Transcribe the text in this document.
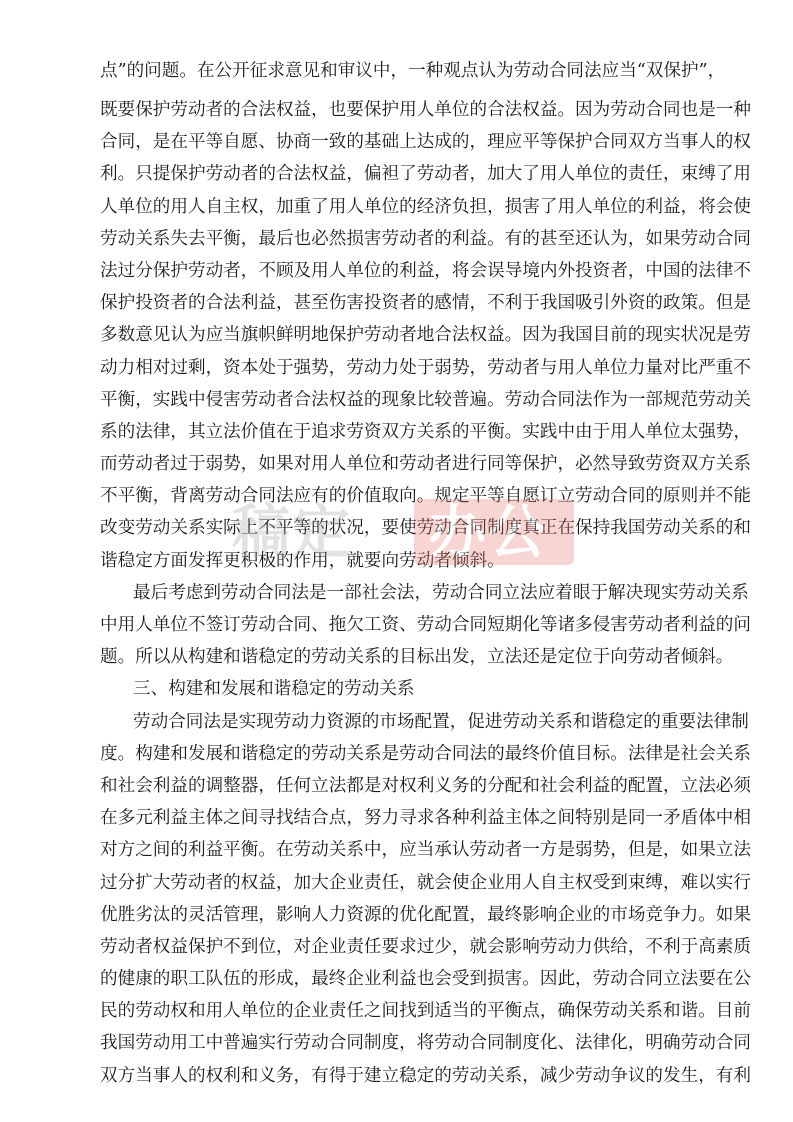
点”的问题。在公开征求意见和审议中，一种观点认为劳动合同法应当“双保护”，
既要保护劳动者的合法权益，也要保护用人单位的合法权益。因为劳动合同也是一种
合同，是在平等自愿、协商一致的基础上达成的，理应平等保护合同双方当事人的权
利。只提保护劳动者的合法权益，偏袒了劳动者，加大了用人单位的责任，束缚了用
人单位的用人自主权，加重了用人单位的经济负担，损害了用人单位的利益，将会使
劳动关系失去平衡，最后也必然损害劳动者的利益。有的甚至还认为，如果劳动合同
法过分保护劳动者，不顾及用人单位的利益，将会误导境内外投资者，中国的法律不
保护投资者的合法利益，甚至伤害投资者的感情，不利于我国吸引外资的政策。但是
多数意见认为应当旗帜鲜明地保护劳动者地合法权益。因为我国目前的现实状况是劳
动力相对过剩，资本处于强势，劳动力处于弱势，劳动者与用人单位力量对比严重不
平衡，实践中侵害劳动者合法权益的现象比较普遍。劳动合同法作为一部规范劳动关
系的法律，其立法价值在于追求劳资双方关系的平衡。实践中由于用人单位太强势，
而劳动者过于弱势，如果对用人单位和劳动者进行同等保护，必然导致劳资双方关系
不平衡，背离劳动合同法应有的价值取向。规定平等自愿订立劳动合同的原则并不能
改变劳动关系实际上不平等的状况，要使劳动合同制度真正在保持我国劳动关系的和
谐稳定方面发挥更积极的作用，就要向劳动者倾斜。
最后考虑到劳动合同法是一部社会法，劳动合同立法应着眼于解决现实劳动关系
中用人单位不签订劳动合同、拖欠工资、劳动合同短期化等诸多侵害劳动者利益的问
题。所以从构建和谐稳定的劳动关系的目标出发，立法还是定位于向劳动者倾斜。
三、构建和发展和谐稳定的劳动关系
劳动合同法是实现劳动力资源的市场配置，促进劳动关系和谐稳定的重要法律制
度。构建和发展和谐稳定的劳动关系是劳动合同法的最终价值目标。法律是社会关系
和社会利益的调整器，任何立法都是对权利义务的分配和社会利益的配置，立法必须
在多元利益主体之间寻找结合点，努力寻求各种利益主体之间特别是同一矛盾体中相
对方之间的利益平衡。在劳动关系中，应当承认劳动者一方是弱势，但是，如果立法
过分扩大劳动者的权益，加大企业责任，就会使企业用人自主权受到束缚，难以实行
优胜劣汰的灵活管理，影响人力资源的优化配置，最终影响企业的市场竞争力。如果
劳动者权益保护不到位，对企业责任要求过少，就会影响劳动力供给，不利于高素质
的健康的职工队伍的形成，最终企业利益也会受到损害。因此，劳动合同立法要在公
民的劳动权和用人单位的企业责任之间找到适当的平衡点，确保劳动关系和谐。目前
我国劳动用工中普遍实行劳动合同制度，将劳动合同制度化、法律化，明确劳动合同
双方当事人的权利和义务，有得于建立稳定的劳动关系，减少劳动争议的发生，有利
稿定 办公
